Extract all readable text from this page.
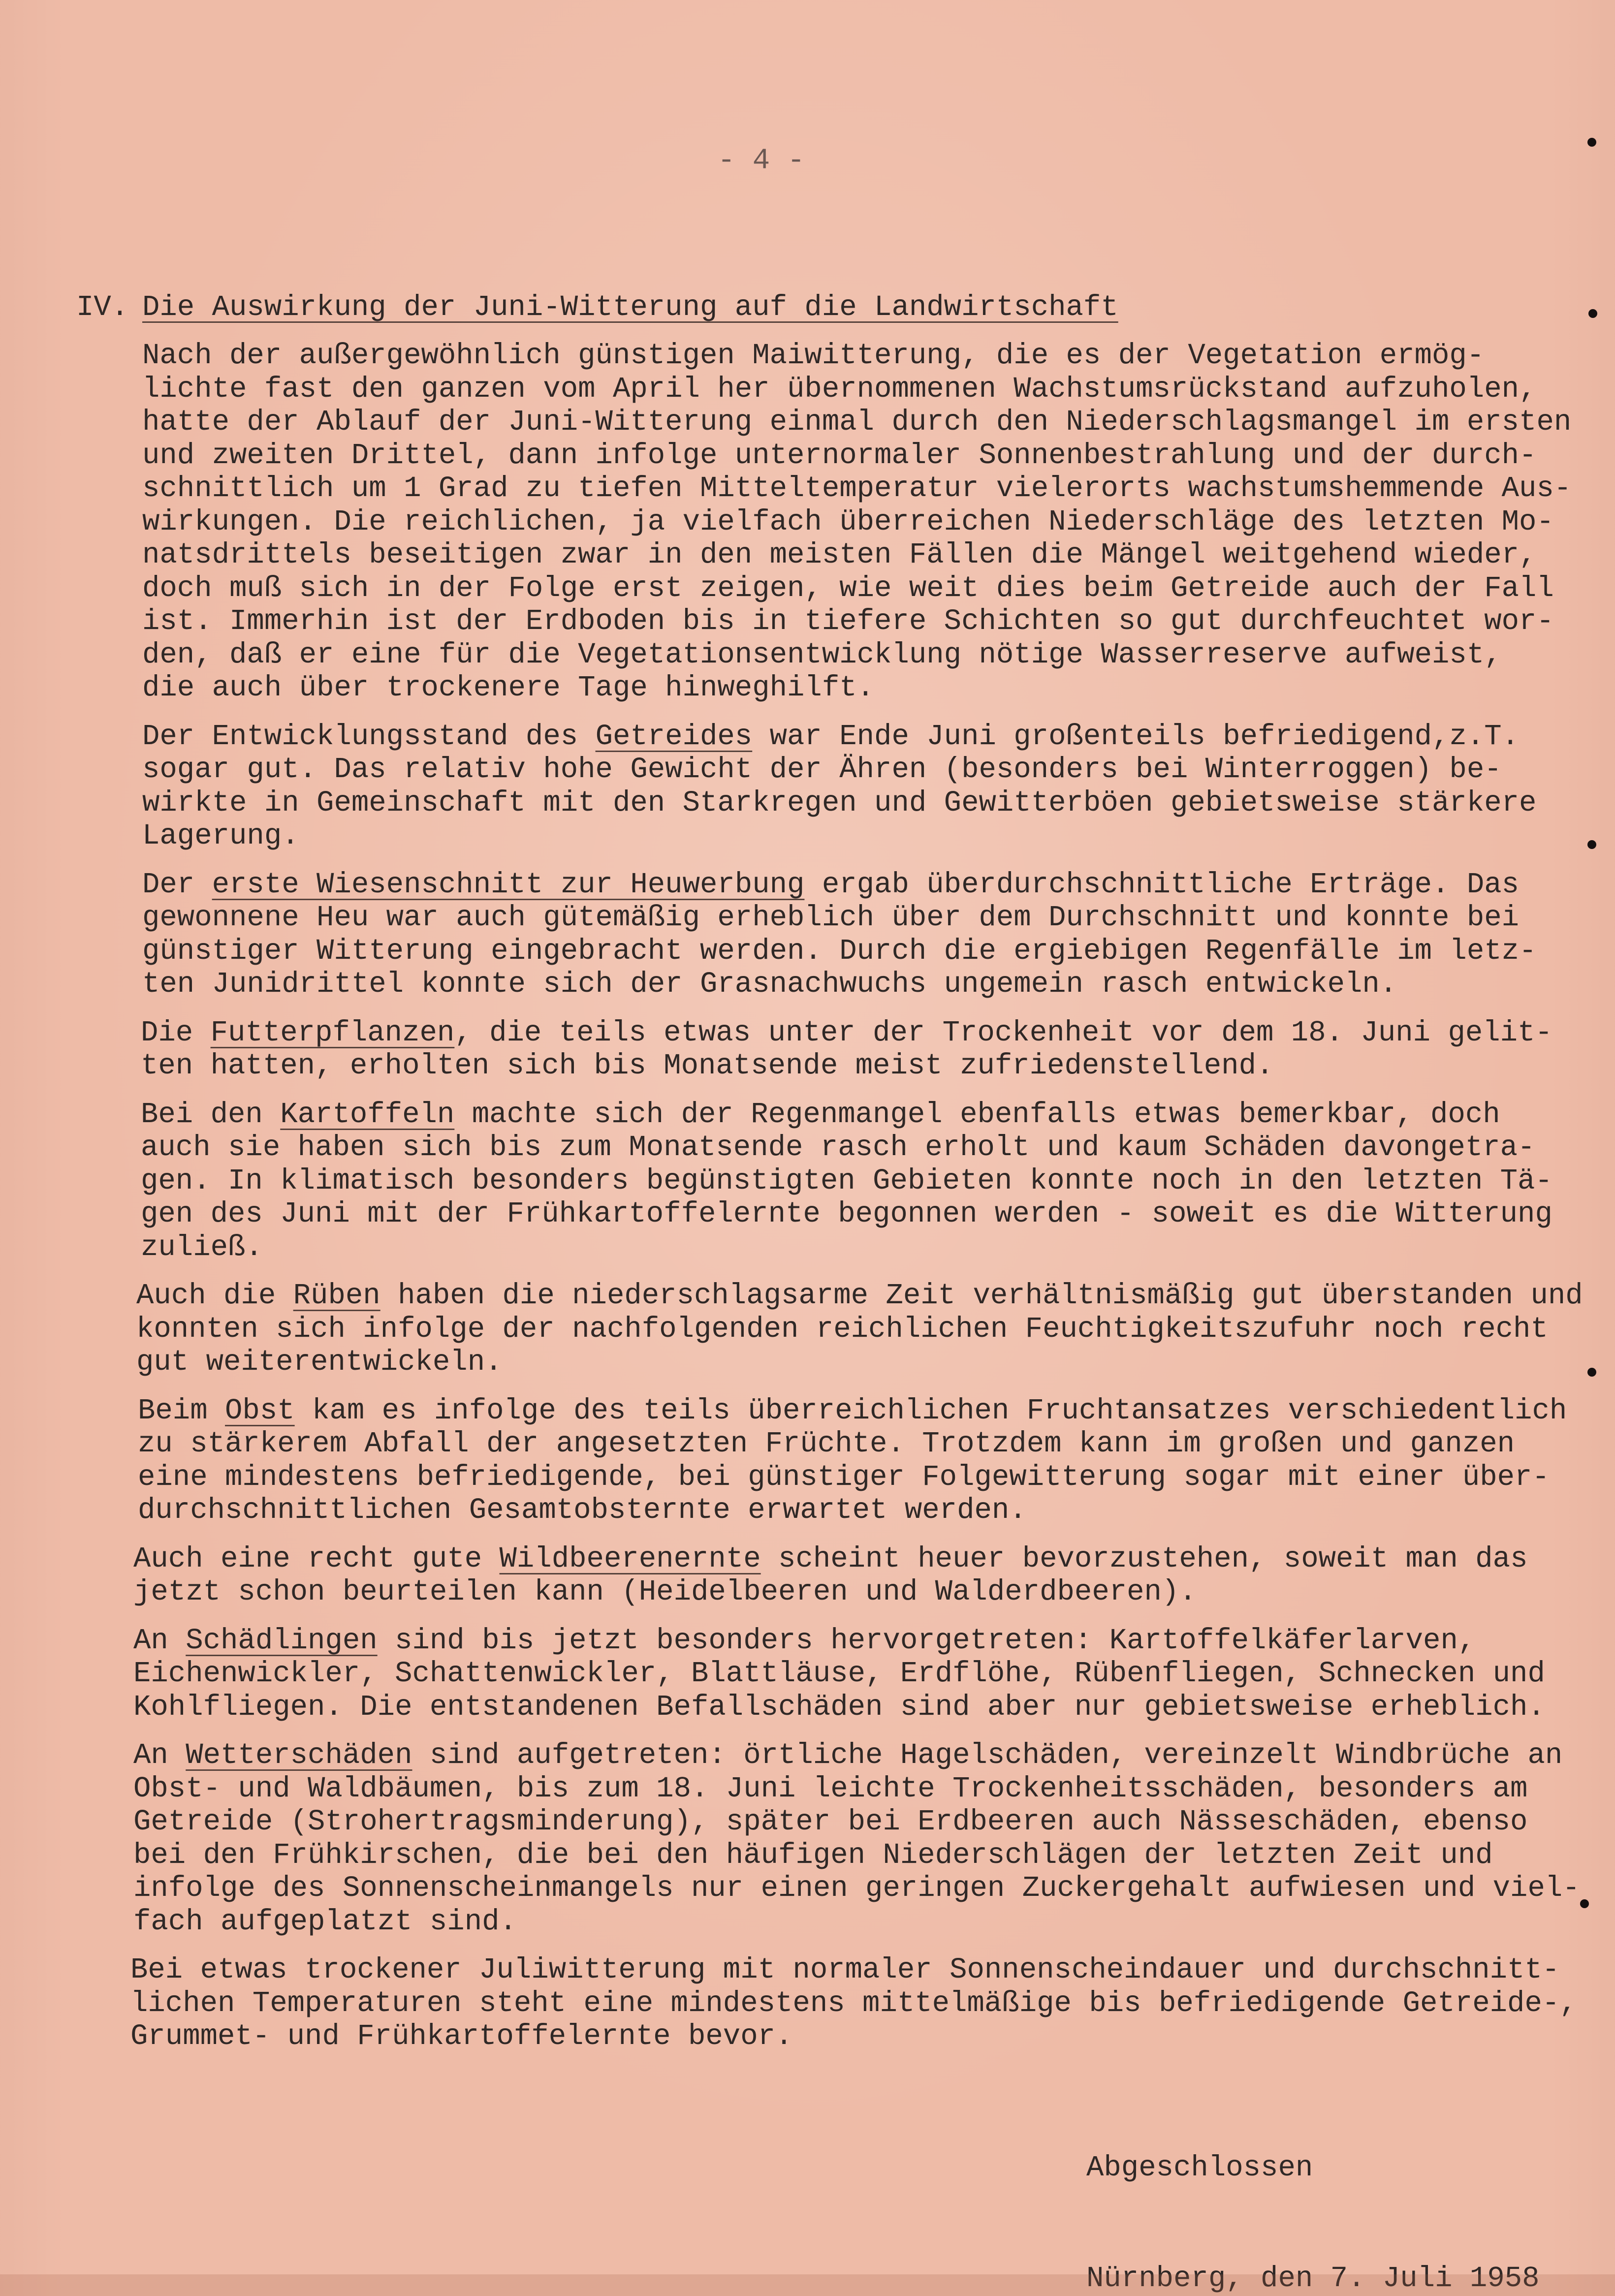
- 4 -
IV. Die Auswirkung der Juni-Witterung auf die Landwirtschaft
Nach der außergewöhnlich günstigen Maiwitterung, die es der Vegetation ermög-
lichte fast den ganzen vom April her übernommenen Wachstumsrückstand aufzuholen,
hatte der Ablauf der Juni-Witterung einmal durch den Niederschlagsmangel im ersten
und zweiten Drittel, dann infolge unternormaler Sonnenbestrahlung und der durch-
schnittlich um 1 Grad zu tiefen Mitteltemperatur vielerorts wachstumshemmende Aus-
wirkungen. Die reichlichen, ja vielfach überreichen Niederschläge des letzten Mo-
natsdrittels beseitigen zwar in den meisten Fällen die Mängel weitgehend wieder,
doch muß sich in der Folge erst zeigen, wie weit dies beim Getreide auch der Fall
ist. Immerhin ist der Erdboden bis in tiefere Schichten so gut durchfeuchtet wor-
den, daß er eine für die Vegetationsentwicklung nötige Wasserreserve aufweist,
die auch über trockenere Tage hinweghilft.
Der Entwicklungsstand des Getreides war Ende Juni großenteils befriedigend,z.T.
sogar gut. Das relativ hohe Gewicht der Ähren (besonders bei Winterroggen) be-
wirkte in Gemeinschaft mit den Starkregen und Gewitterböen gebietsweise stärkere
Lagerung.
Der erste Wiesenschnitt zur Heuwerbung ergab überdurchschnittliche Erträge. Das
gewonnene Heu war auch gütemäßig erheblich über dem Durchschnitt und konnte bei
günstiger Witterung eingebracht werden. Durch die ergiebigen Regenfälle im letz-
ten Junidrittel konnte sich der Grasnachwuchs ungemein rasch entwickeln.
Die Futterpflanzen, die teils etwas unter der Trockenheit vor dem 18. Juni gelit-
ten hatten, erholten sich bis Monatsende meist zufriedenstellend.
Bei den Kartoffeln machte sich der Regenmangel ebenfalls etwas bemerkbar, doch
auch sie haben sich bis zum Monatsende rasch erholt und kaum Schäden davongetra-
gen. In klimatisch besonders begünstigten Gebieten konnte noch in den letzten Tä-
gen des Juni mit der Frühkartoffelernte begonnen werden - soweit es die Witterung
zuließ.
Auch die Rüben haben die niederschlagsarme Zeit verhältnismäßig gut überstanden und
konnten sich infolge der nachfolgenden reichlichen Feuchtigkeitszufuhr noch recht
gut weiterentwickeln.
Beim Obst kam es infolge des teils überreichlichen Fruchtansatzes verschiedentlich
zu stärkerem Abfall der angesetzten Früchte. Trotzdem kann im großen und ganzen
eine mindestens befriedigende, bei günstiger Folgewitterung sogar mit einer über-
durchschnittlichen Gesamtobsternte erwartet werden.
Auch eine recht gute Wildbeerenernte scheint heuer bevorzustehen, soweit man das
jetzt schon beurteilen kann (Heidelbeeren und Walderdbeeren).
An Schädlingen sind bis jetzt besonders hervorgetreten: Kartoffelkäferlarven,
Eichenwickler, Schattenwickler, Blattläuse, Erdflöhe, Rübenfliegen, Schnecken und
Kohlfliegen. Die entstandenen Befallschäden sind aber nur gebietsweise erheblich.
An Wetterschäden sind aufgetreten: örtliche Hagelschäden, vereinzelt Windbrüche an
Obst- und Waldbäumen, bis zum 18. Juni leichte Trockenheitsschäden, besonders am
Getreide (Strohertragsminderung), später bei Erdbeeren auch Nässeschäden, ebenso
bei den Frühkirschen, die bei den häufigen Niederschlägen der letzten Zeit und
infolge des Sonnenscheinmangels nur einen geringen Zuckergehalt aufwiesen und viel-
fach aufgeplatzt sind.
Bei etwas trockener Juliwitterung mit normaler Sonnenscheindauer und durchschnitt-
lichen Temperaturen steht eine mindestens mittelmäßige bis befriedigende Getreide-,
Grummet- und Frühkartoffelernte bevor.

Abgeschlossen

Nürnberg, den 7. Juli 1958
